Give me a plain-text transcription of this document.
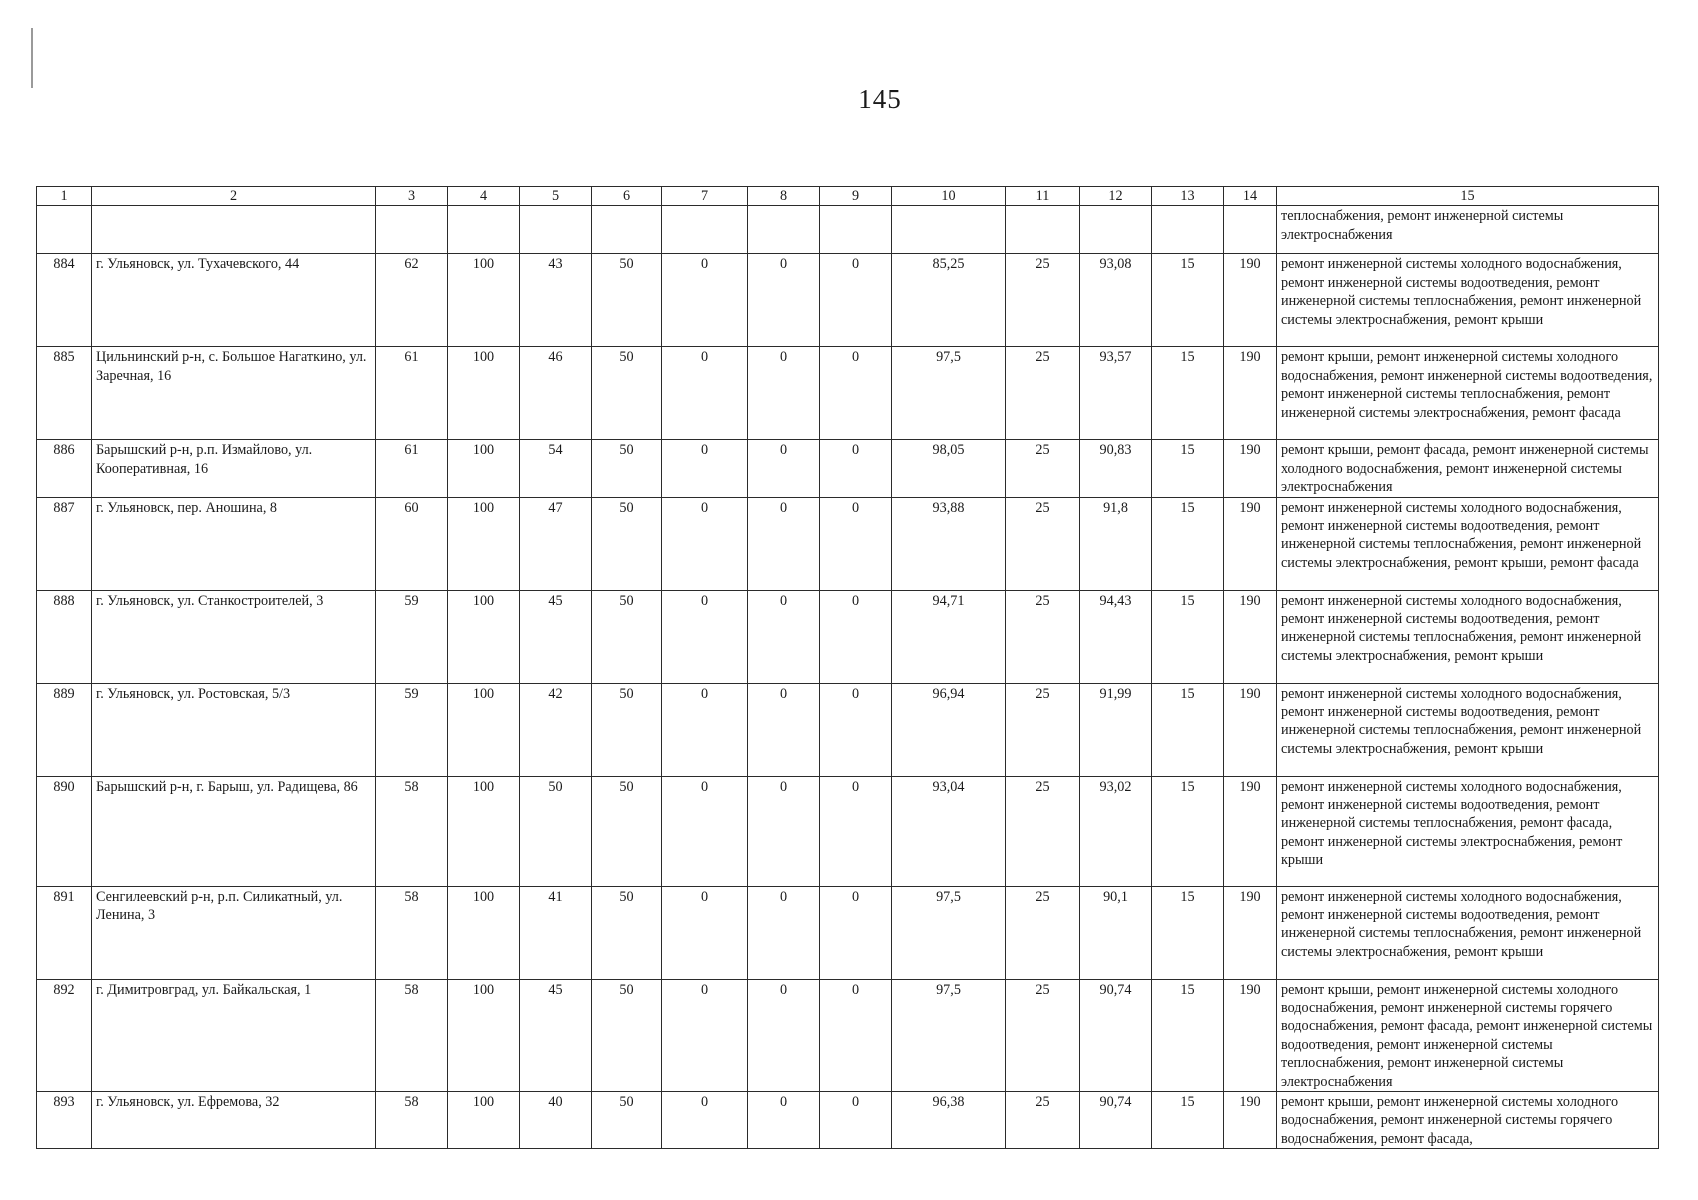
145
1	2	3	4	5	6	7	8	9	10	11	12	13	14	15
														теплоснабжения, ремонт инженерной системы электроснабжения
884	г. Ульяновск, ул. Тухачевского, 44	62	100	43	50	0	0	0	85,25	25	93,08	15	190	ремонт инженерной системы холодного водоснабжения, ремонт инженерной системы водоотведения, ремонт инженерной системы теплоснабжения, ремонт инженерной системы электроснабжения, ремонт крыши
885	Цильнинский р-н, с. Большое Нагаткино, ул. Заречная, 16	61	100	46	50	0	0	0	97,5	25	93,57	15	190	ремонт крыши, ремонт инженерной системы холодного водоснабжения, ремонт инженерной системы водоотведения, ремонт инженерной системы теплоснабжения, ремонт инженерной системы электроснабжения, ремонт фасада
886	Барышский р-н, р.п. Измайлово, ул. Кооперативная, 16	61	100	54	50	0	0	0	98,05	25	90,83	15	190	ремонт крыши, ремонт фасада, ремонт инженерной системы холодного водоснабжения, ремонт инженерной системы электроснабжения
887	г. Ульяновск, пер. Аношина, 8	60	100	47	50	0	0	0	93,88	25	91,8	15	190	ремонт инженерной системы холодного водоснабжения, ремонт инженерной системы водоотведения, ремонт инженерной системы теплоснабжения, ремонт инженерной системы электроснабжения, ремонт крыши, ремонт фасада
888	г. Ульяновск, ул. Станкостроителей, 3	59	100	45	50	0	0	0	94,71	25	94,43	15	190	ремонт инженерной системы холодного водоснабжения, ремонт инженерной системы водоотведения, ремонт инженерной системы теплоснабжения, ремонт инженерной системы электроснабжения, ремонт крыши
889	г. Ульяновск, ул. Ростовская, 5/3	59	100	42	50	0	0	0	96,94	25	91,99	15	190	ремонт инженерной системы холодного водоснабжения, ремонт инженерной системы водоотведения, ремонт инженерной системы теплоснабжения, ремонт инженерной системы электроснабжения, ремонт крыши
890	Барышский р-н, г. Барыш, ул. Радищева, 86	58	100	50	50	0	0	0	93,04	25	93,02	15	190	ремонт инженерной системы холодного водоснабжения, ремонт инженерной системы водоотведения, ремонт инженерной системы теплоснабжения, ремонт фасада, ремонт инженерной системы электроснабжения, ремонт крыши
891	Сенгилеевский р-н, р.п. Силикатный, ул. Ленина, 3	58	100	41	50	0	0	0	97,5	25	90,1	15	190	ремонт инженерной системы холодного водоснабжения, ремонт инженерной системы водоотведения, ремонт инженерной системы теплоснабжения, ремонт инженерной системы электроснабжения, ремонт крыши
892	г. Димитровград, ул. Байкальская, 1	58	100	45	50	0	0	0	97,5	25	90,74	15	190	ремонт крыши, ремонт инженерной системы холодного водоснабжения, ремонт инженерной системы горячего водоснабжения, ремонт фасада, ремонт инженерной системы водоотведения, ремонт инженерной системы теплоснабжения, ремонт инженерной системы электроснабжения
893	г. Ульяновск, ул. Ефремова, 32	58	100	40	50	0	0	0	96,38	25	90,74	15	190	ремонт крыши, ремонт инженерной системы холодного водоснабжения, ремонт инженерной системы горячего водоснабжения, ремонт фасада,
